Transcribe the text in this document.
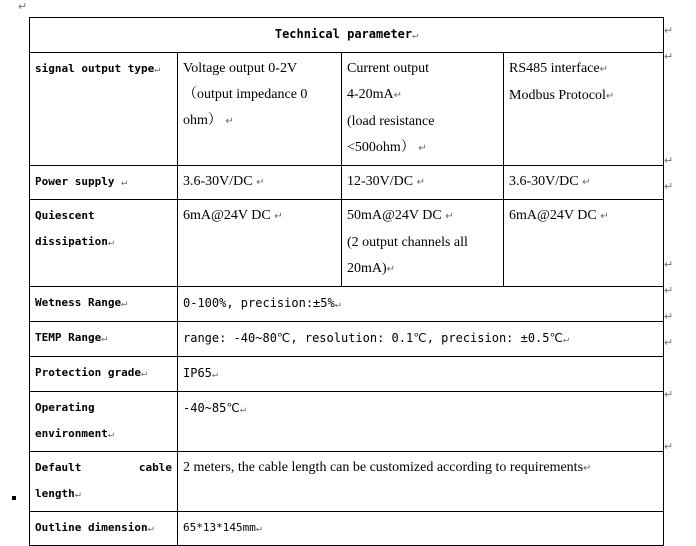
↵
↵
↵
↵
↵
↵
↵
↵
↵
↵
↵
Technical parameter↵			
signal output type↵	Voltage output 0-2V
（output impedance 0
ohm） ↵	Current output
4-20mA↵
(load resistance
<500ohm） ↵	RS485 interface↵
Modbus Protocol↵

Power supply ↵	3.6-30V/DC ↵	12-30V/DC ↵	3.6-30V/DC ↵

Quiescent
dissipation↵	6mA@24V DC ↵	50mA@24V DC ↵
(2 output channels all
20mA)↵	6mA@24V DC ↵
Wetness Range↵	0-100%, precision:±5%↵		
TEMP Range↵	range: -40~80℃, resolution: 0.1℃, precision: ±0.5℃↵		
Protection grade↵	IP65↵		

Operating
environment↵	-40~85℃↵		

Default cable
length↵	2 meters, the cable length can be customized according to requirements↵		
Outline dimension↵	65*13*145mm↵		
